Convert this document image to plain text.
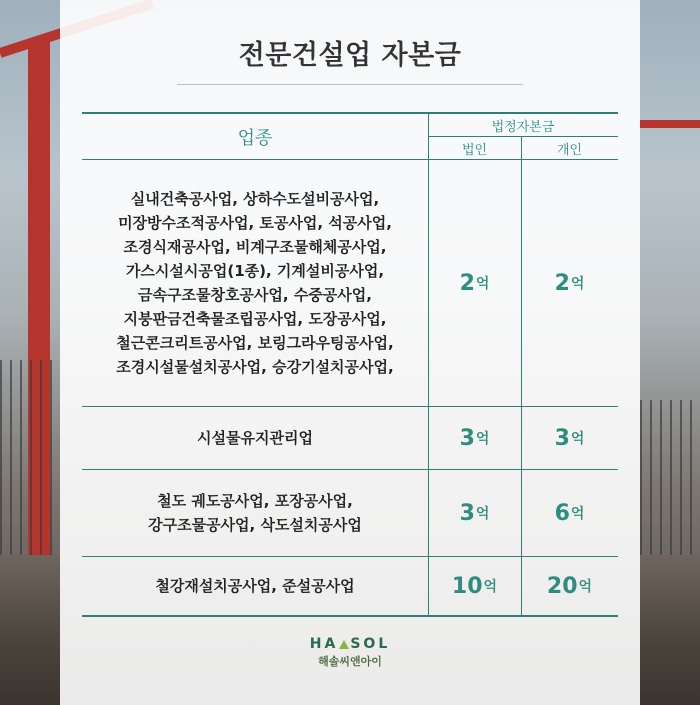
전문건설업 자본금
업종
법정자본금
법인	개인
실내건축공사업, 상하수도설비공사업,
미장방수조적공사업, 토공사업, 석공사업,
조경식재공사업, 비계구조물해체공사업,
가스시설시공업(1종), 기계설비공사업,
금속구조물창호공사업, 수중공사업,
지붕판금건축물조립공사업, 도장공사업,
철근콘크리트공사업, 보링그라우팅공사업,
조경시설물설치공사업, 승강기설치공사업,
2 억	2 억
시설물유지관리업	3 억	3 억
철도 궤도공사업, 포장공사업,
강구조물공사업, 삭도설치공사업	3 억	6 억
철강재설치공사업, 준설공사업	10 억 20 억
HA SOL
해솔씨앤아이
